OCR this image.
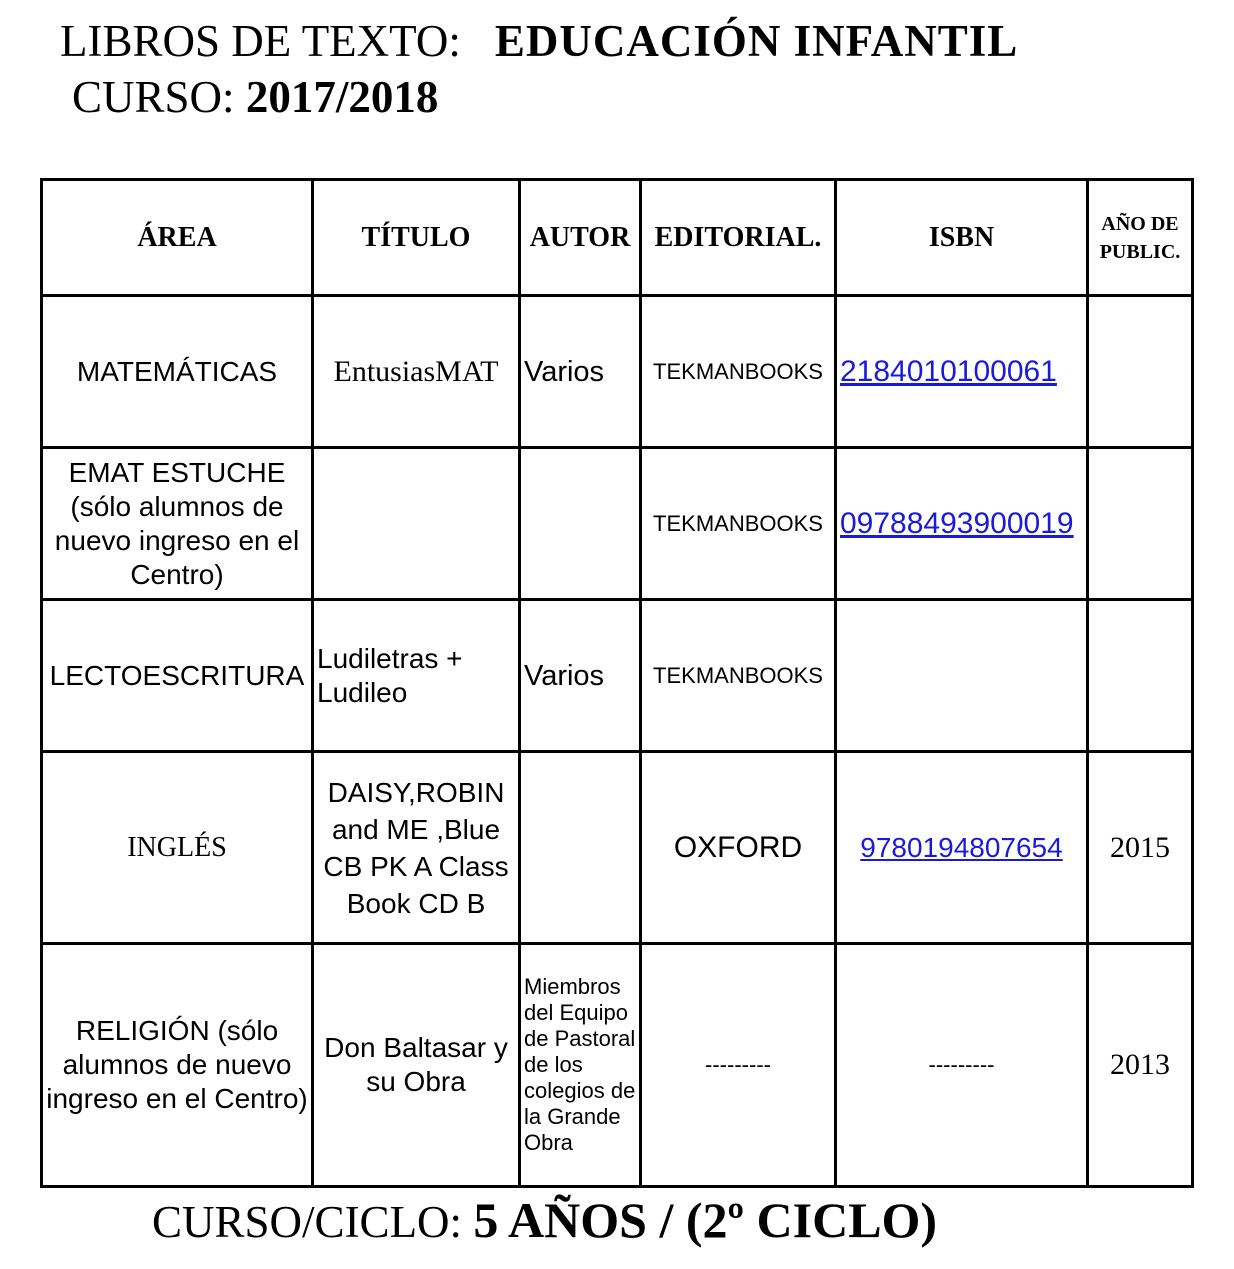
LIBROS DE TEXTO: EDUCACIÓN INFANTIL
CURSO: 2017/2018
ÁREA	TÍTULO	AUTOR	EDITORIAL.	ISBN	AÑO DE
PUBLIC.
MATEMÁTICAS	EntusiasMAT	Varios	TEKMANBOOKS	2184010100061	
EMAT ESTUCHE (sólo alumnos de nuevo ingreso en el Centro)			TEKMANBOOKS	09788493900019	
LECTOESCRITURA	Ludiletras + Ludileo	Varios	TEKMANBOOKS		
INGLÉS	DAISY,ROBIN and ME ,Blue CB PK A Class Book CD B		OXFORD	9780194807654	2015
RELIGIÓN (sólo alumnos de nuevo ingreso en el Centro)	Don Baltasar y su Obra	Miembros del Equipo de Pastoral de los colegios de la Grande Obra	---------	---------	2013
CURSO/CICLO: 5 AÑOS / (2º CICLO)
